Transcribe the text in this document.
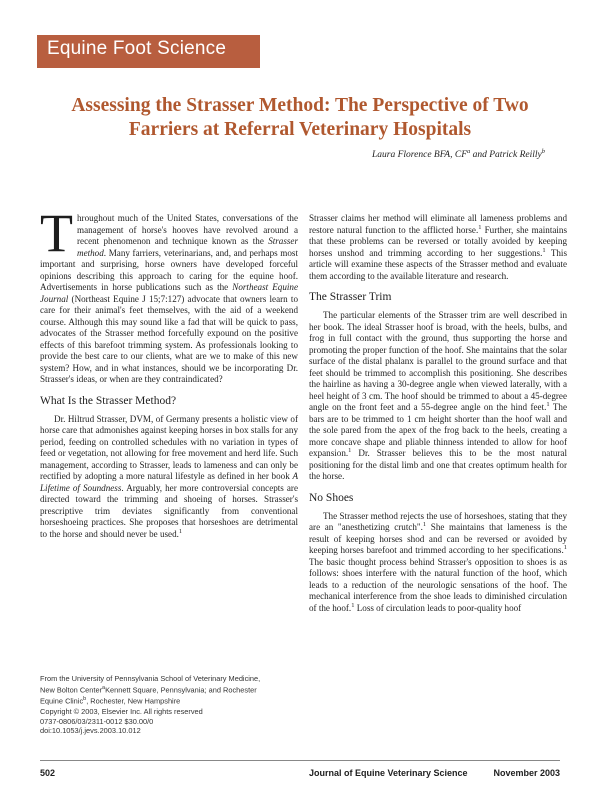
Equine Foot Science
Assessing the Strasser Method: The Perspective of Two Farriers at Referral Veterinary Hospitals
Laura Florence BFA, $CF^a$ and Patrick Reilly$^b$

Throughout much of the United States, conversations of the management of horse's hooves have revolved around a recent phenomenon and technique known as the Strasser method. Many farriers, veterinarians, and, and perhaps most important and surprising, horse owners have developed forceful opinions describing this approach to caring for the equine hoof. Advertisements in horse publications such as the Northeast Equine Journal (Northeast Equine J 15;7:127) advocate that owners learn to care for their animal's feet themselves, with the aid of a weekend course. Although this may sound like a fad that will be quick to pass, advocates of the Strasser method forcefully expound on the positive effects of this barefoot trimming system. As professionals looking to provide the best care to our clients, what are we to make of this new system? How, and in what instances, should we be incorporating Dr. Strasser's ideas, or when are they contraindicated?

What Is the Strasser Method?

Dr. Hiltrud Strasser, DVM, of Germany presents a holistic view of horse care that admonishes against keeping horses in box stalls for any period, feeding on controlled schedules with no variation in types of feed or vegetation, not allowing for free movement and herd life. Such management, according to Strasser, leads to lameness and can only be rectified by adopting a more natural lifestyle as defined in her book A Lifetime of Soundness. Arguably, her more controversial concepts are directed toward the trimming and shoeing of horses. Strasser's prescriptive trim deviates significantly from conventional horseshoeing practices. She proposes that horseshoes are detrimental to the horse and should never be used.$^1$

Strasser claims her method will eliminate all lameness problems and restore natural function to the afflicted horse.$^1$ Further, she maintains that these problems can be reversed or totally avoided by keeping horses unshod and trimming according to her suggestions.$^1$ This article will examine these aspects of the Strasser method and evaluate them according to the available literature and research.

The Strasser Trim

The particular elements of the Strasser trim are well described in her book. The ideal Strasser hoof is broad, with the heels, bulbs, and frog in full contact with the ground, thus supporting the horse and promoting the proper function of the hoof. She maintains that the solar surface of the distal phalanx is parallel to the ground surface and that feet should be trimmed to accomplish this positioning. She describes the hairline as having a 30-degree angle when viewed laterally, with a heel height of 3 cm. The hoof should be trimmed to about a 45-degree angle on the front feet and a 55-degree angle on the hind feet.$^1$ The bars are to be trimmed to 1 cm height shorter than the hoof wall and the sole pared from the apex of the frog back to the heels, creating a more concave shape and pliable thinness intended to allow for hoof expansion.$^1$ Dr. Strasser believes this to be the most natural positioning for the distal limb and one that creates optimum health for the horse.

No Shoes

The Strasser method rejects the use of horseshoes, stating that they are an "anesthetizing crutch".$^1$ She maintains that lameness is the result of keeping horses shod and can be reversed or avoided by keeping horses barefoot and trimmed according to her specifications.$^1$ The basic thought process behind Strasser's opposition to shoes is as follows: shoes interfere with the natural function of the hoof, which leads to a reduction of the neurologic sensations of the hoof. The mechanical interference from the shoe leads to diminished circulation of the hoof.$^1$ Loss of circulation leads to poor-quality hoof

From the University of Pennsylvania School of Veterinary Medicine,
New Bolton Center$^a$Kennett Square, Pennsylvania; and Rochester
Equine Clinic$^b$, Rochester, New Hampshire
Copyright © 2003, Elsevier Inc. All rights reserved
0737-0806/03/2311-0012 $30.00/0
doi:10.1053/j.jevs.2003.10.012
502	Journal of Equine Veterinary Science	November 2003
